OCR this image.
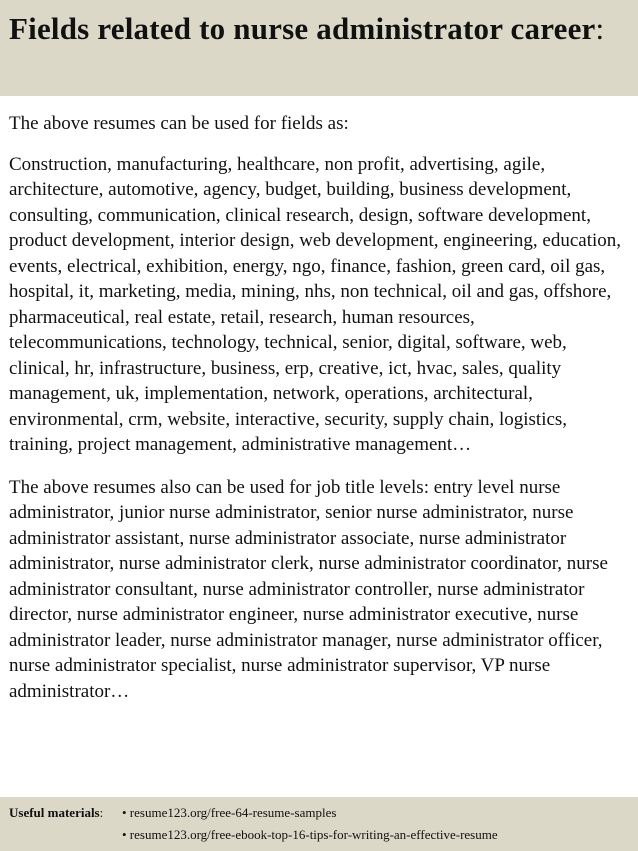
Fields related to nurse administrator career:

The above resumes can be used for fields as:

Construction, manufacturing, healthcare, non profit, advertising, agile, architecture, automotive, agency, budget, building, business development, consulting, communication, clinical research, design, software development, product development, interior design, web development, engineering, education, events, electrical, exhibition, energy, ngo, finance, fashion, green card, oil gas, hospital, it, marketing, media, mining, nhs, non technical, oil and gas, offshore, pharmaceutical, real estate, retail, research, human resources, telecommunications, technology, technical, senior, digital, software, web, clinical, hr, infrastructure, business, erp, creative, ict, hvac, sales, quality management, uk, implementation, network, operations, architectural, environmental, crm, website, interactive, security, supply chain, logistics, training, project management, administrative management…

The above resumes also can be used for job title levels: entry level nurse administrator, junior nurse administrator, senior nurse administrator, nurse administrator assistant, nurse administrator associate, nurse administrator administrator, nurse administrator clerk, nurse administrator coordinator, nurse administrator consultant, nurse administrator controller, nurse administrator director, nurse administrator engineer, nurse administrator executive, nurse administrator leader, nurse administrator manager, nurse administrator officer, nurse administrator specialist, nurse administrator supervisor, VP nurse administrator…

Useful materials: • resume123.org/free-64-resume-samples
• resume123.org/free-ebook-top-16-tips-for-writing-an-effective-resume
